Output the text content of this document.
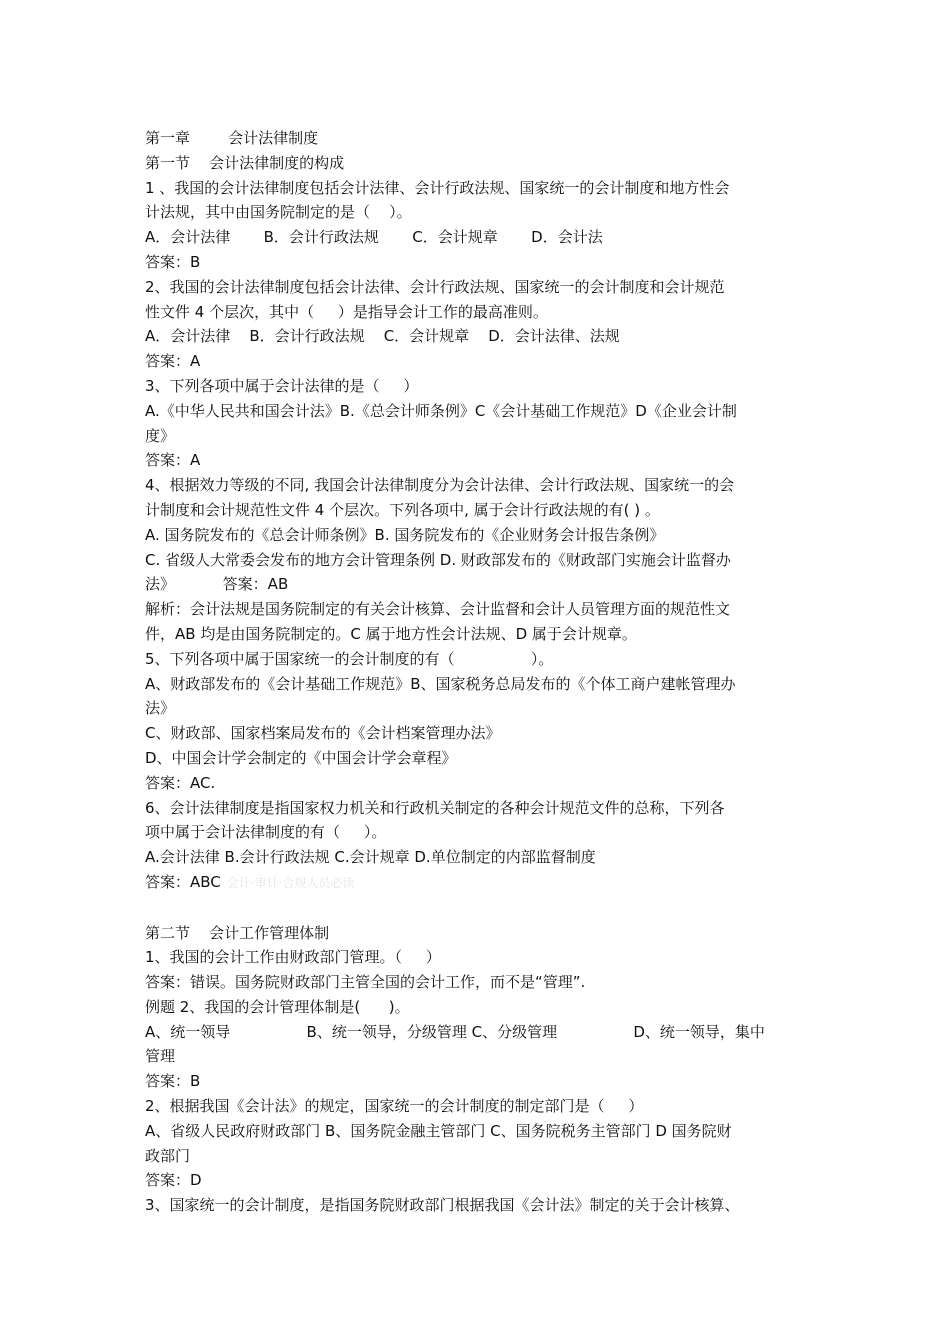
第一章        会计法律制度

第一节    会计法律制度的构成

1 、我国的会计法律制度包括会计法律、会计行政法规、国家统一的会计制度和地方性会

计法规，其中由国务院制定的是（    ）。

A．会计法律       B．会计行政法规       C．会计规章       D．会计法

答案：B

2、我国的会计法律制度包括会计法律、会计行政法规、国家统一的会计制度和会计规范

性文件 4 个层次，其中（     ）是指导会计工作的最高准则。

A．会计法律    B．会计行政法规    C．会计规章    D．会计法律、法规

答案：A

3、下列各项中属于会计法律的是（     ）

A.《中华人民共和国会计法》B.《总会计师条例》C《会计基础工作规范》D《企业会计制

度》

答案：A

4、根据效力等级的不同, 我国会计法律制度分为会计法律、会计行政法规、国家统一的会

计制度和会计规范性文件 4 个层次。下列各项中, 属于会计行政法规的有( ) 。

A. 国务院发布的《总会计师条例》B. 国务院发布的《企业财务会计报告条例》

C. 省级人大常委会发布的地方会计管理条例 D. 财政部发布的《财政部门实施会计监督办

法》          答案：AB

解析：会计法规是国务院制定的有关会计核算、会计监督和会计人员管理方面的规范性文

件，AB 均是由国务院制定的。C 属于地方性会计法规、D 属于会计规章。

5、下列各项中属于国家统一的会计制度的有（                ）。

A、财政部发布的《会计基础工作规范》B、国家税务总局发布的《个体工商户建帐管理办

法》

C、财政部、国家档案局发布的《会计档案管理办法》

D、中国会计学会制定的《中国会计学会章程》

答案：AC.

6、会计法律制度是指国家权力机关和行政机关制定的各种会计规范文件的总称，下列各

项中属于会计法律制度的有（     ）。

A.会计法律 B.会计行政法规 C.会计规章 D.单位制定的内部监督制度

答案：ABC 会计·审计·合规人员必读

第二节    会计工作管理体制

1、我国的会计工作由财政部门管理。（     ）

答案：错误。国务院财政部门主管全国的会计工作，而不是“管理”.

例题 2、我国的会计管理体制是(      )。

A、统一领导                B、统一领导，分级管理 C、分级管理                D、统一领导，集中

管理

答案：B

2、根据我国《会计法》的规定，国家统一的会计制度的制定部门是（     ）

A、省级人民政府财政部门 B、国务院金融主管部门 C、国务院税务主管部门 D 国务院财

政部门

答案：D

3、国家统一的会计制度，是指国务院财政部门根据我国《会计法》制定的关于会计核算、
